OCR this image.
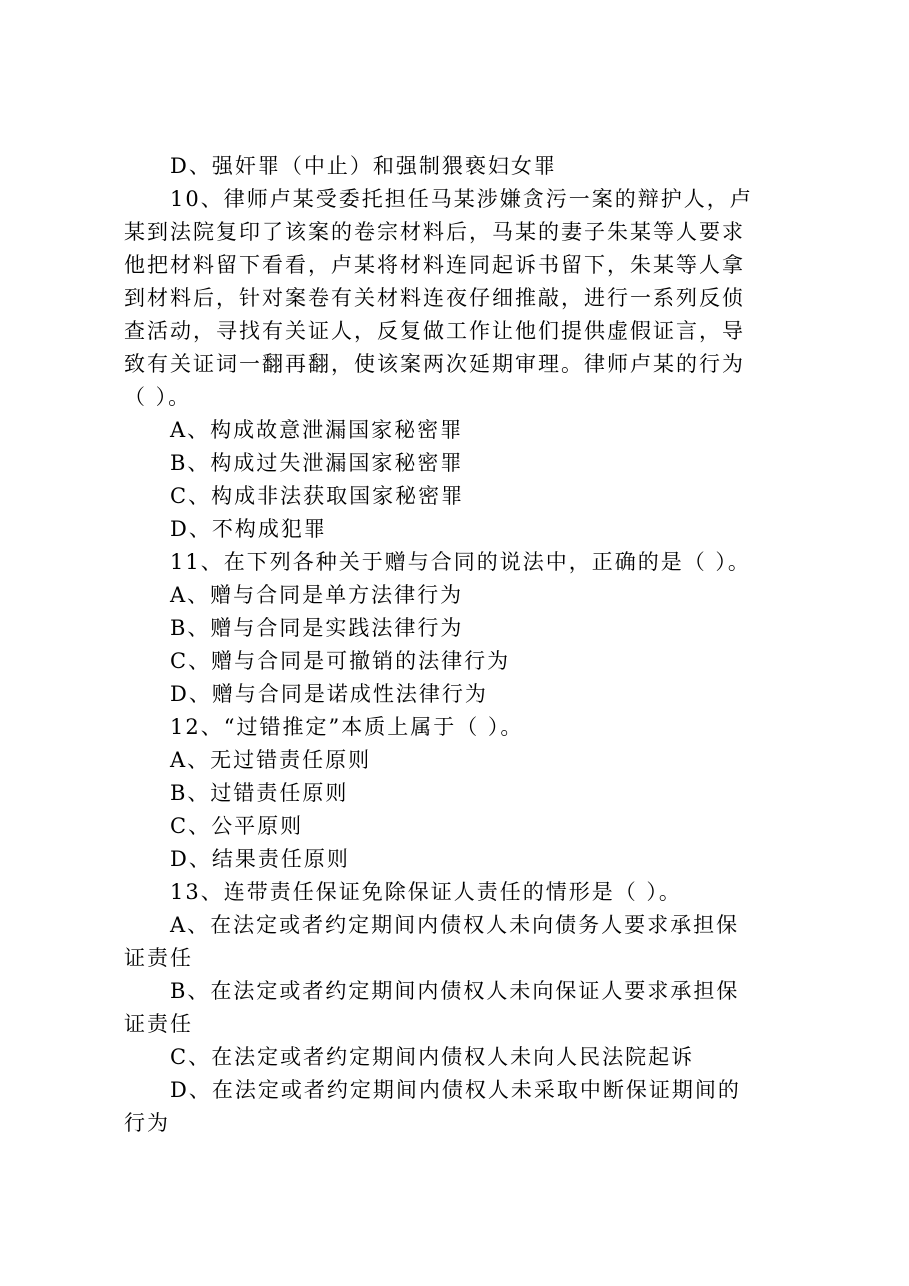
D、强奸罪（中止）和强制猥亵妇女罪
10、律师卢某受委托担任马某涉嫌贪污一案的辩护人，卢
某到法院复印了该案的卷宗材料后，马某的妻子朱某等人要求
他把材料留下看看，卢某将材料连同起诉书留下，朱某等人拿
到材料后，针对案卷有关材料连夜仔细推敲，进行一系列反侦
查活动，寻找有关证人，反复做工作让他们提供虚假证言，导
致有关证词一翻再翻，使该案两次延期审理。律师卢某的行为
（ ）。
A、构成故意泄漏国家秘密罪
B、构成过失泄漏国家秘密罪
C、构成非法获取国家秘密罪
D、不构成犯罪
11、在下列各种关于赠与合同的说法中，正确的是（ ）。
A、赠与合同是单方法律行为
B、赠与合同是实践法律行为
C、赠与合同是可撤销的法律行为
D、赠与合同是诺成性法律行为
12、“过错推定”本质上属于（ ）。
A、无过错责任原则
B、过错责任原则
C、公平原则
D、结果责任原则
13、连带责任保证免除保证人责任的情形是（ ）。
A、在法定或者约定期间内债权人未向债务人要求承担保
证责任
B、在法定或者约定期间内债权人未向保证人要求承担保
证责任
C、在法定或者约定期间内债权人未向人民法院起诉
D、在法定或者约定期间内债权人未采取中断保证期间的
行为
